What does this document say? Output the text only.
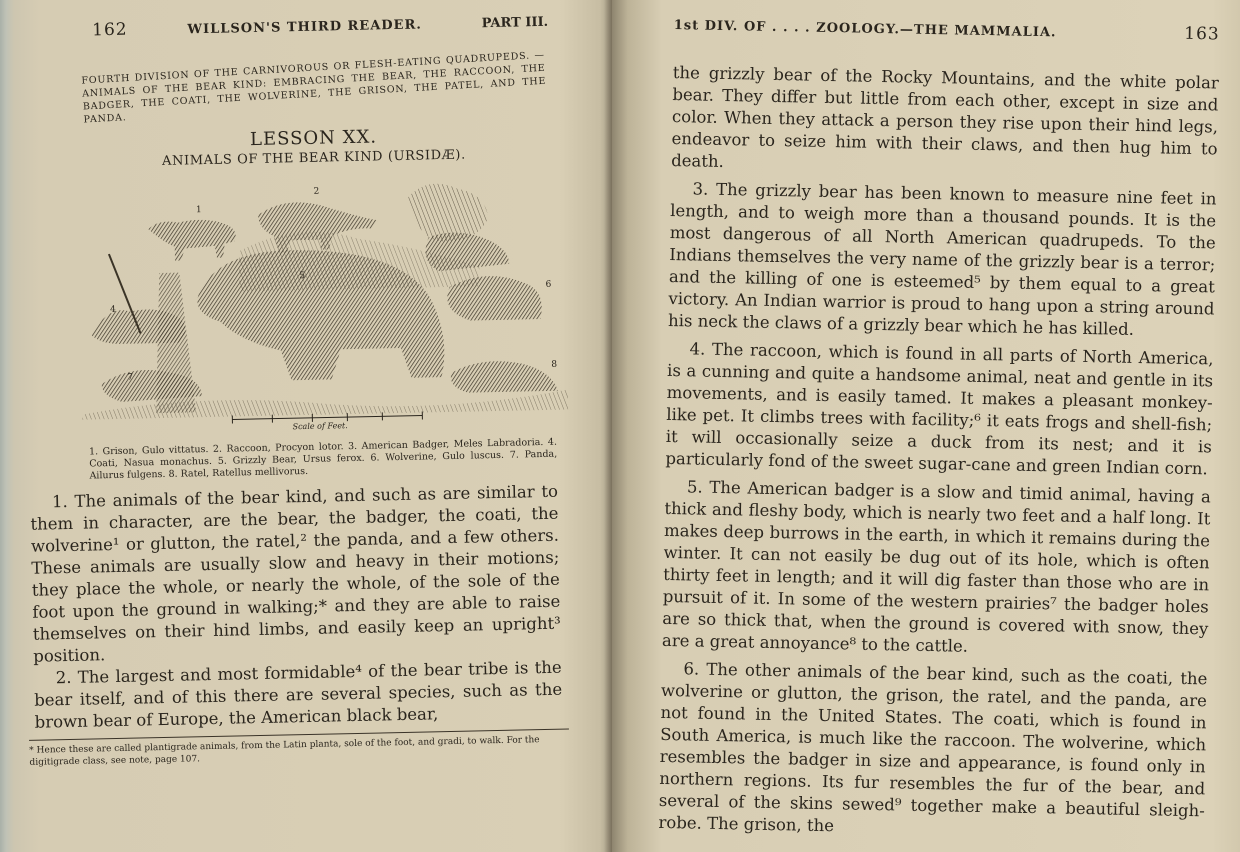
162	WILLSON'S THIRD READER.	PART III.
FOURTH DIVISION OF THE CARNIVOROUS OR FLESH-EATING QUADRUPEDS. —ANIMALS OF THE BEAR KIND: EMBRACING THE BEAR, THE RACCOON, THE BADGER, THE COATI, THE WOLVERINE, THE GRISON, THE PATEL, AND THE PANDA.
LESSON XX.
ANIMALS OF THE BEAR KIND (URSIDÆ).
1
2
5
4
6
7
8
Scale of Feet.
1. Grison, Gulo vittatus. 2. Raccoon, Procyon lotor. 3. American Badger, Meles Labradoria. 4. Coati, Nasua monachus. 5. Grizzly Bear, Ursus ferox. 6. Wolverine, Gulo luscus. 7. Panda, Ailurus fulgens. 8. Ratel, Ratellus mellivorus.

1. The animals of the bear kind, and such as are similar to them in character, are the bear, the badger, the coati, the wolverine¹ or glutton, the ratel,² the panda, and a few others. These animals are usually slow and heavy in their motions; they place the whole, or nearly the whole, of the sole of the foot upon the ground in walking;* and they are able to raise themselves on their hind limbs, and easily keep an upright³ position.

2. The largest and most formidable⁴ of the bear tribe is the bear itself, and of this there are several species, such as the brown bear of Europe, the American black bear,

* Hence these are called plantigrade animals, from the Latin planta, sole of the foot, and gradi, to walk. For the digitigrade class, see note, page 107.
1st DIV. OF . . . . ZOOLOGY.—THE MAMMALIA.	163

the grizzly bear of the Rocky Mountains, and the white polar bear. They differ but little from each other, except in size and color. When they attack a person they rise upon their hind legs, endeavor to seize him with their claws, and then hug him to death.

3. The grizzly bear has been known to measure nine feet in length, and to weigh more than a thousand pounds. It is the most dangerous of all North American quadrupeds. To the Indians themselves the very name of the grizzly bear is a terror; and the killing of one is esteemed⁵ by them equal to a great victory. An Indian warrior is proud to hang upon a string around his neck the claws of a grizzly bear which he has killed.

4. The raccoon, which is found in all parts of North America, is a cunning and quite a handsome animal, neat and gentle in its movements, and is easily tamed. It makes a pleasant monkey-like pet. It climbs trees with facility;⁶ it eats frogs and shell-fish; it will occasionally seize a duck from its nest; and it is particularly fond of the sweet sugar-cane and green Indian corn.

5. The American badger is a slow and timid animal, having a thick and fleshy body, which is nearly two feet and a half long. It makes deep burrows in the earth, in which it remains during the winter. It can not easily be dug out of its hole, which is often thirty feet in length; and it will dig faster than those who are in pursuit of it. In some of the western prairies⁷ the badger holes are so thick that, when the ground is covered with snow, they are a great annoyance⁸ to the cattle.

6. The other animals of the bear kind, such as the coati, the wolverine or glutton, the grison, the ratel, and the panda, are not found in the United States. The coati, which is found in South America, is much like the raccoon. The wolverine, which resembles the badger in size and appearance, is found only in northern regions. Its fur resembles the fur of the bear, and several of the skins sewed⁹ together make a beautiful sleigh-robe. The grison, the
